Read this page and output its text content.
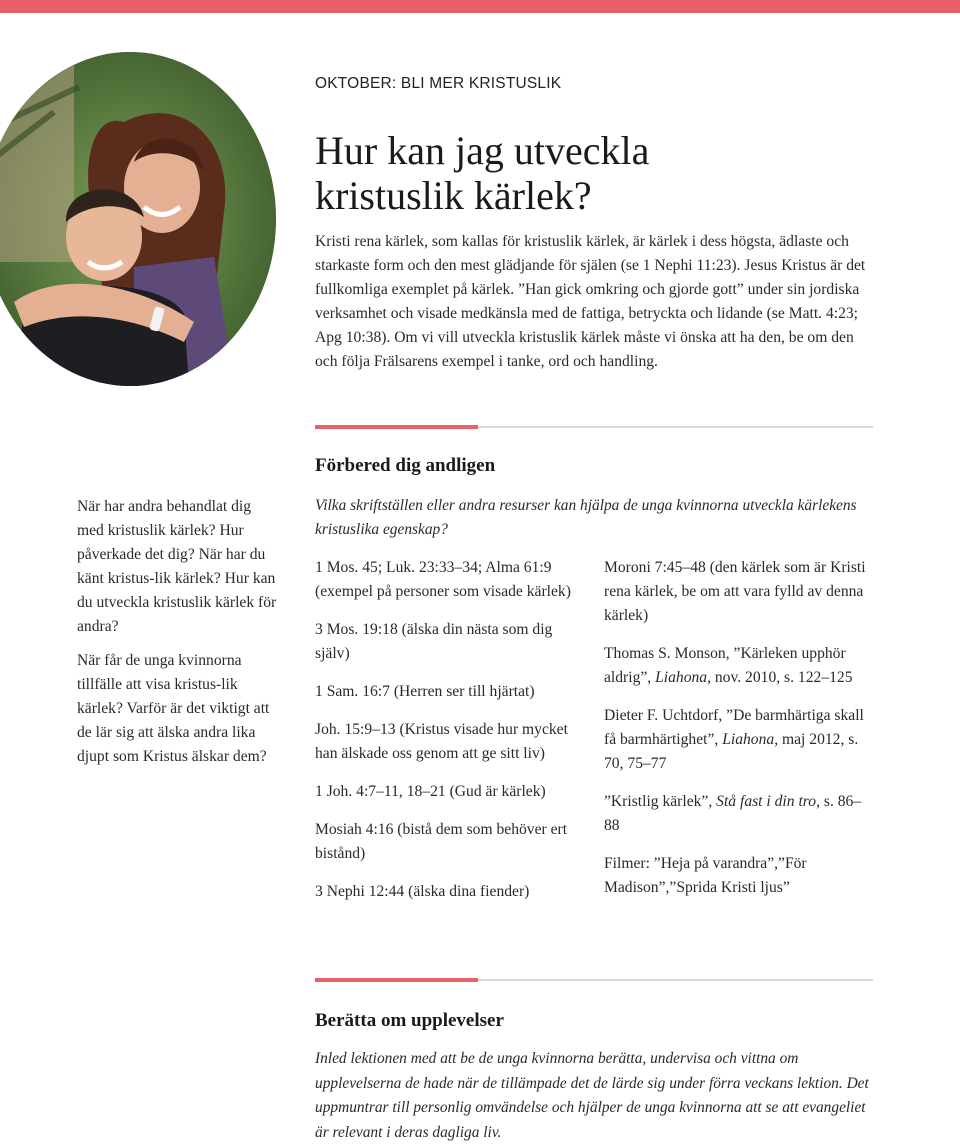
OKTOBER: BLI MER KRISTUSLIK
Hur kan jag utveckla
kristuslik kärlek?
Kristi rena kärlek, som kallas för kristuslik kärlek, är kärlek i dess högsta, ädlaste och starkaste form och den mest glädjande för själen (se 1 Nephi 11:23). Jesus Kristus är det fullkomliga exemplet på kärlek. ”Han gick omkring och gjorde gott” under sin jordiska verksamhet och visade medkänsla med de fattiga, betryckta och lidande (se Matt. 4:23; Apg 10:38). Om vi vill utveckla kristuslik kärlek måste vi önska att ha den, be om den och följa Frälsarens exempel i tanke, ord och handling.
Förbered dig andligen

När har andra behandlat dig med kristuslik kärlek? Hur påverkade det dig? När har du känt kristus-lik kärlek? Hur kan du utveckla kristuslik kärlek för andra?

När får de unga kvinnorna tillfälle att visa kristus-lik kärlek? Varför är det viktigt att de lär sig att älska andra lika djupt som Kristus älskar dem?

Vilka skriftställen eller andra resurser kan hjälpa de unga kvinnorna utveckla kärlekens kristuslika egenskap?

1 Mos. 45; Luk. 23:33–34; Alma 61:9 (exempel på personer som visade kärlek)

3 Mos. 19:18 (älska din nästa som dig själv)

1 Sam. 16:7 (Herren ser till hjärtat)

Joh. 15:9–13 (Kristus visade hur mycket han älskade oss genom att ge sitt liv)

1 Joh. 4:7–11, 18–21 (Gud är kärlek)

Mosiah 4:16 (bistå dem som behöver ert bistånd)

3 Nephi 12:44 (älska dina fiender)

Moroni 7:45–48 (den kärlek som är Kristi rena kärlek, be om att vara fylld av denna kärlek)

Thomas S. Monson, ”Kärleken upphör aldrig”, Liahona, nov. 2010, s. 122–125

Dieter F. Uchtdorf, ”De barmhärtiga skall få barmhärtighet”, Liahona, maj 2012, s. 70, 75–77

”Kristlig kärlek”, Stå fast i din tro, s. 86–88

Filmer: ”Heja på varandra”,”För Madison”,”Sprida Kristi ljus”

Berätta om upplevelser
Inled lektionen med att be de unga kvinnorna berätta, undervisa och vittna om upplevelserna de hade när de tillämpade det de lärde sig under förra veckans lektion. Det uppmuntrar till personlig omvändelse och hjälper de unga kvinnorna att se att evangeliet är relevant i deras dagliga liv.
